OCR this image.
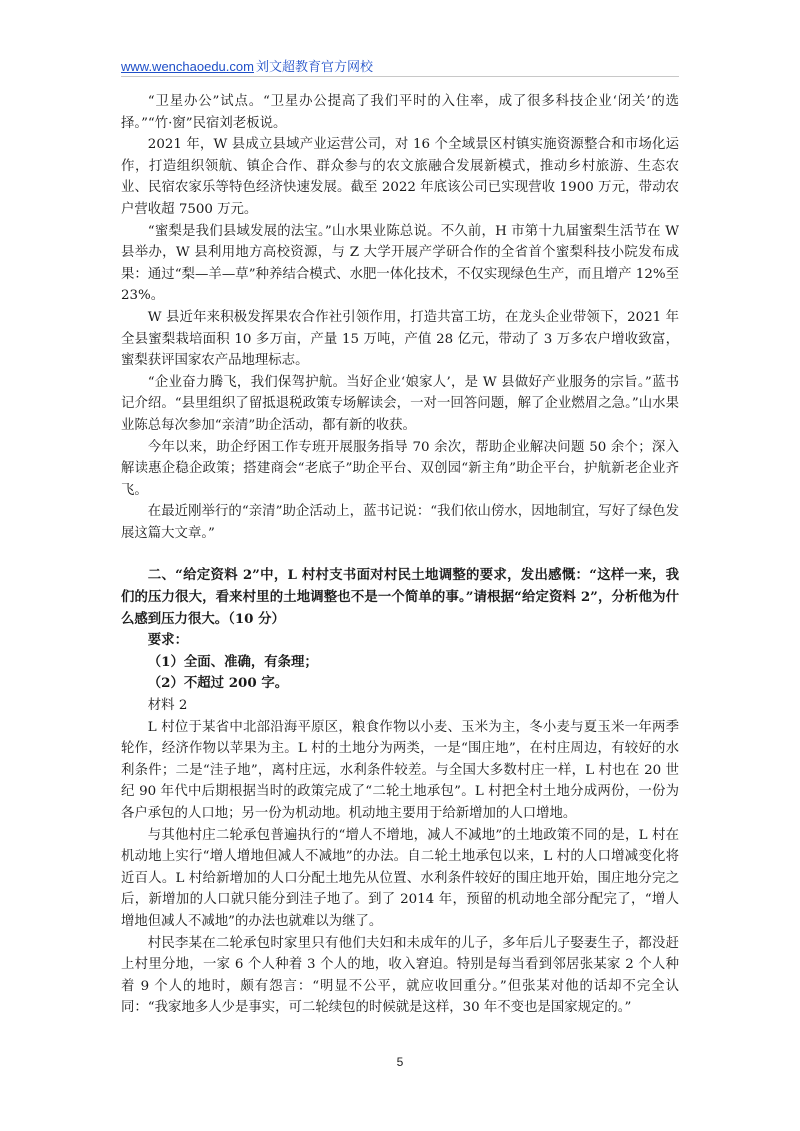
www.wenchaoedu.com 刘文超教育官方网校

“卫星办公”试点。“卫星办公提高了我们平时的入住率，成了很多科技企业‘闭关’的选择。”“竹·窗”民宿刘老板说。

2021 年，W 县成立县域产业运营公司，对 16 个全域景区村镇实施资源整合和市场化运作，打造组织领航、镇企合作、群众参与的农文旅融合发展新模式，推动乡村旅游、生态农业、民宿农家乐等特色经济快速发展。截至 2022 年底该公司已实现营收 1900 万元，带动农户营收超 7500 万元。

“蜜梨是我们县域发展的法宝。”山水果业陈总说。不久前，H 市第十九届蜜梨生活节在 W 县举办，W 县利用地方高校资源，与 Z 大学开展产学研合作的全省首个蜜梨科技小院发布成果：通过“梨—羊—草”种养结合模式、水肥一体化技术，不仅实现绿色生产，而且增产 12%至 23%。

W 县近年来积极发挥果农合作社引领作用，打造共富工坊，在龙头企业带领下，2021 年全县蜜梨栽培面积 10 多万亩，产量 15 万吨，产值 28 亿元，带动了 3 万多农户增收致富，蜜梨获评国家农产品地理标志。

“企业奋力腾飞，我们保驾护航。当好企业‘娘家人’，是 W 县做好产业服务的宗旨。”蓝书记介绍。“县里组织了留抵退税政策专场解读会，一对一回答问题，解了企业燃眉之急。”山水果业陈总每次参加“亲清”助企活动，都有新的收获。

今年以来，助企纾困工作专班开展服务指导 70 余次，帮助企业解决问题 50 余个；深入解读惠企稳企政策；搭建商会“老底子”助企平台、双创园“新主角”助企平台，护航新老企业齐飞。

在最近刚举行的“亲清”助企活动上，蓝书记说：“我们依山傍水，因地制宜，写好了绿色发展这篇大文章。”

二、“给定资料 2”中，L 村村支书面对村民土地调整的要求，发出感慨：“这样一来，我们的压力很大，看来村里的土地调整也不是一个简单的事。”请根据“给定资料 2”，分析他为什么感到压力很大。（10 分）

要求：

（1）全面、准确，有条理；

（2）不超过 200 字。

材料 2

L 村位于某省中北部沿海平原区，粮食作物以小麦、玉米为主，冬小麦与夏玉米一年两季轮作，经济作物以苹果为主。L 村的土地分为两类，一是“围庄地”，在村庄周边，有较好的水利条件；二是“洼子地”，离村庄远，水利条件较差。与全国大多数村庄一样，L 村也在 20 世纪 90 年代中后期根据当时的政策完成了“二轮土地承包”。L 村把全村土地分成两份，一份为各户承包的人口地；另一份为机动地。机动地主要用于给新增加的人口增地。

与其他村庄二轮承包普遍执行的“增人不增地，减人不减地”的土地政策不同的是，L 村在机动地上实行“增人增地但减人不减地”的办法。自二轮土地承包以来，L 村的人口增减变化将近百人。L 村给新增加的人口分配土地先从位置、水利条件较好的围庄地开始，围庄地分完之后，新增加的人口就只能分到洼子地了。到了 2014 年，预留的机动地全部分配完了，“增人增地但减人不减地”的办法也就难以为继了。

村民李某在二轮承包时家里只有他们夫妇和未成年的儿子，多年后儿子娶妻生子，都没赶上村里分地，一家 6 个人种着 3 个人的地，收入窘迫。特别是每当看到邻居张某家 2 个人种着 9 个人的地时，颇有怨言：“明显不公平，就应收回重分。”但张某对他的话却不完全认同：“我家地多人少是事实，可二轮续包的时候就是这样，30 年不变也是国家规定的。”

5
